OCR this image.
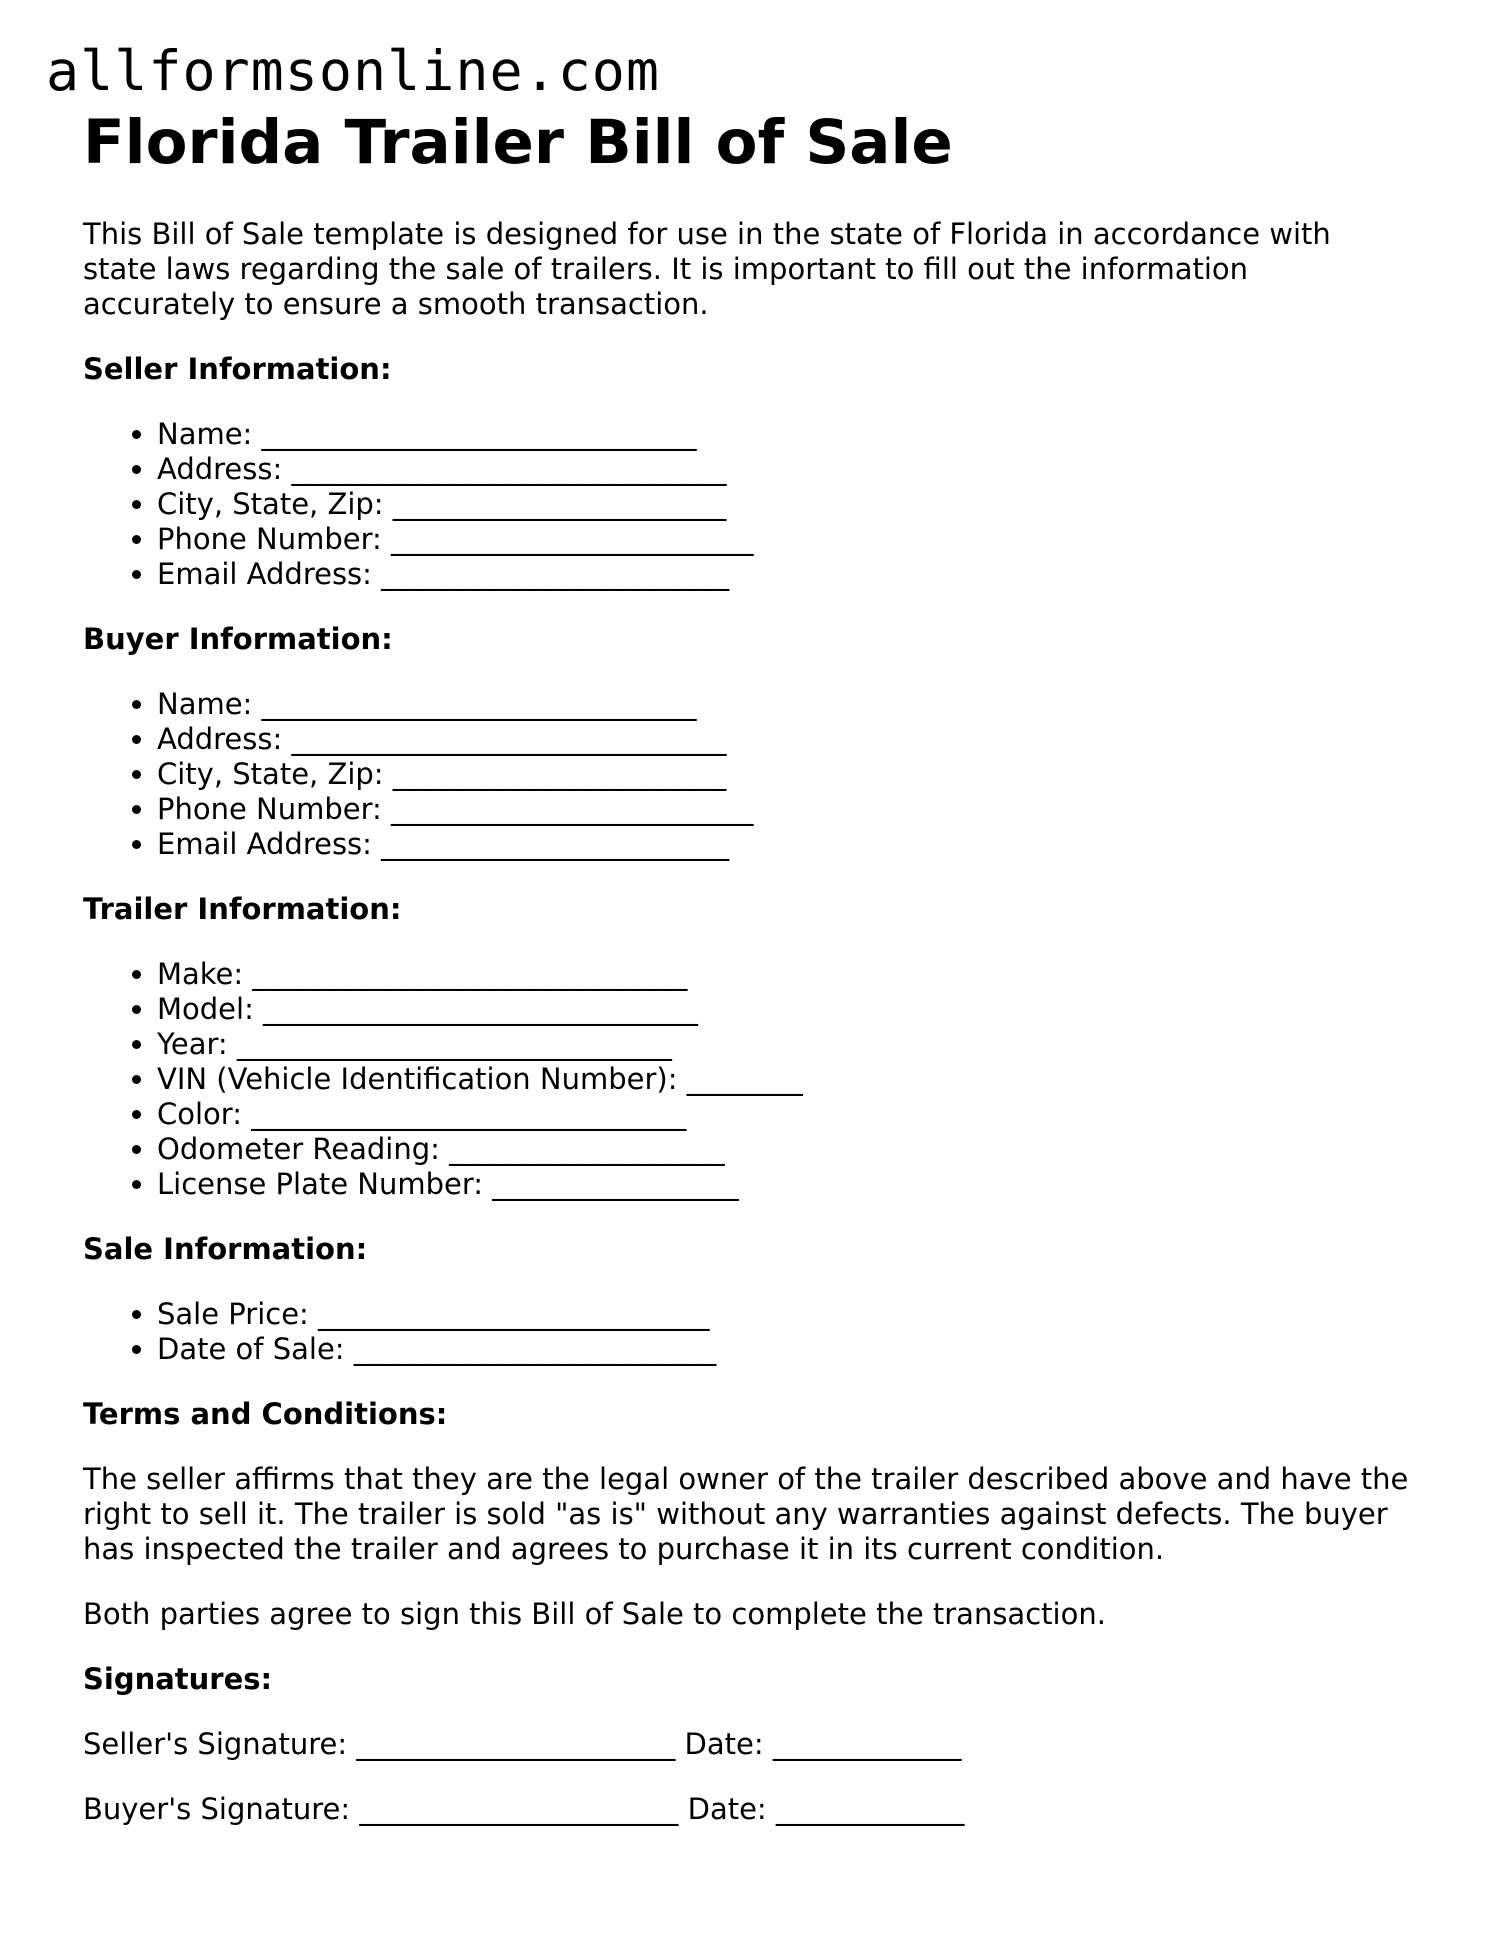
allformsonline.com
Florida Trailer Bill of Sale

This Bill of Sale template is designed for use in the state of Florida in accordance with state laws regarding the sale of trailers. It is important to fill out the information accurately to ensure a smooth transaction.

Seller Information:
• Name: ______________________________
• Address: ______________________________
• City, State, Zip: _______________________
• Phone Number: _________________________
• Email Address: ________________________
Buyer Information:
• Name: ______________________________
• Address: ______________________________
• City, State, Zip: _______________________
• Phone Number: _________________________
• Email Address: ________________________
Trailer Information:
• Make: ______________________________
• Model: ______________________________
• Year: ______________________________
• VIN (Vehicle Identification Number): ________
• Color: ______________________________
• Odometer Reading: ___________________
• License Plate Number: _________________
Sale Information:
• Sale Price: ___________________________
• Date of Sale: _________________________
Terms and Conditions:

The seller affirms that they are the legal owner of the trailer described above and have the right to sell it. The trailer is sold "as is" without any warranties against defects. The buyer has inspected the trailer and agrees to purchase it in its current condition.

Both parties agree to sign this Bill of Sale to complete the transaction.

Signatures:
Seller's Signature: ______________________ Date: _____________
Buyer's Signature: ______________________ Date: _____________
